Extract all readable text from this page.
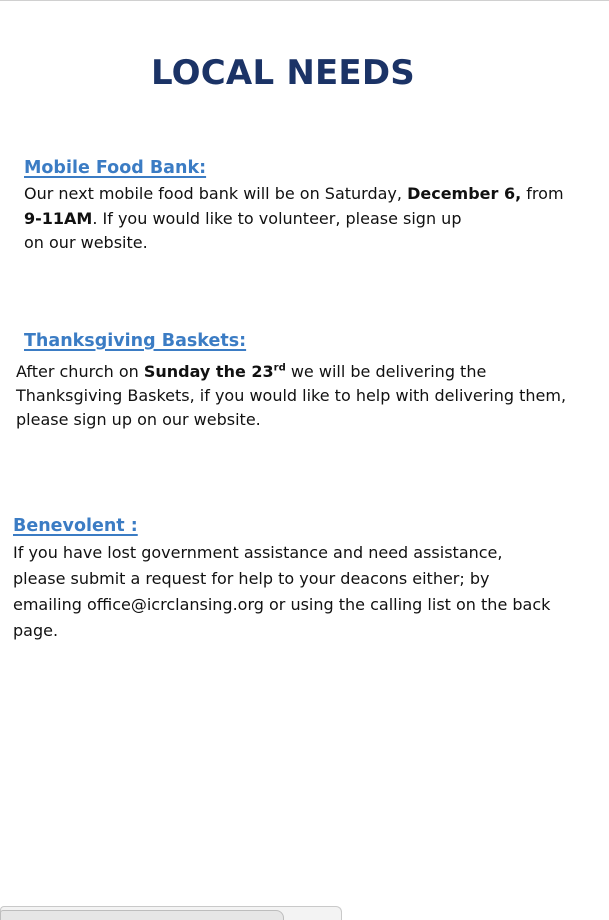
LOCAL NEEDS
Mobile Food Bank:
Our next mobile food bank will be on Saturday, December 6, from
9-11AM. If you would like to volunteer, please sign up
on our website.
Thanksgiving Baskets:
After church on Sunday the 23rd we will be delivering the
Thanksgiving Baskets, if you would like to help with delivering them,
please sign up on our website.
Benevolent :
If you have lost government assistance and need assistance,
please submit a request for help to your deacons either; by
emailing office@icrclansing.org or using the calling list on the back
page.
